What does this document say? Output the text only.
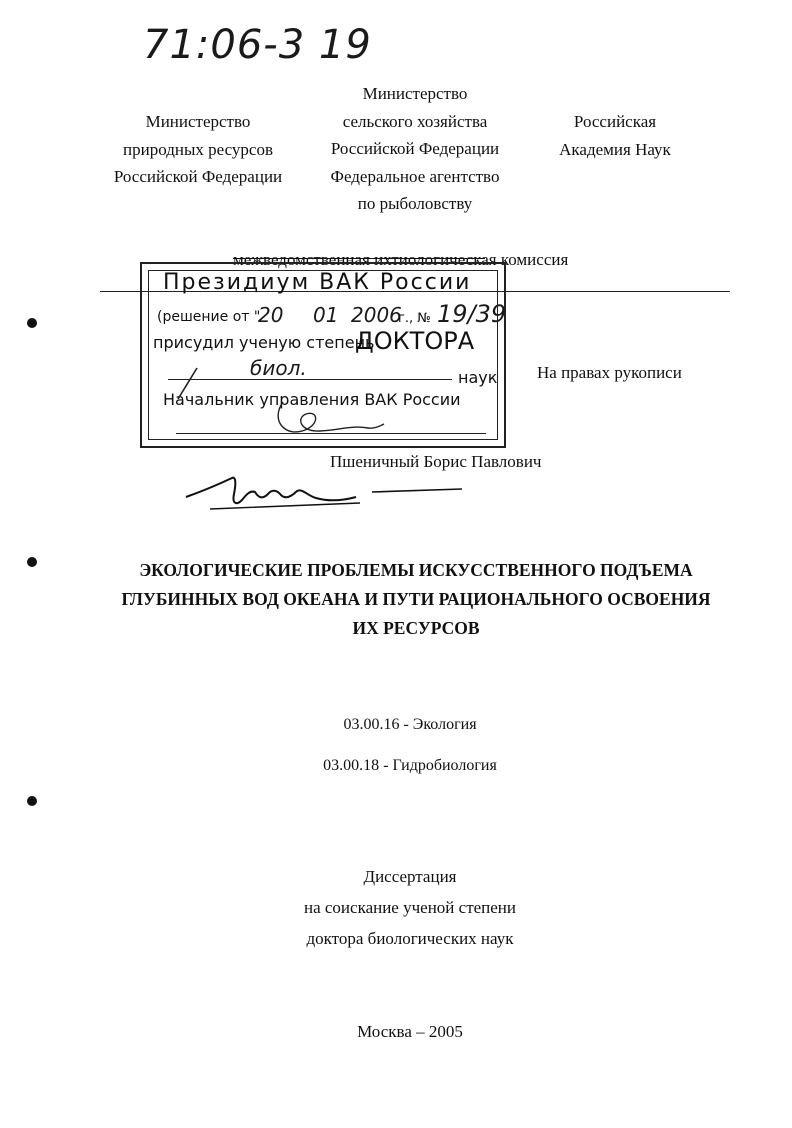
71:06-3 19
Министерство
природных ресурсов
Российской Федерации
Министерство
сельского хозяйства
Российской Федерации
Федеральное агентство
по рыболовству
Российская
Академия Наук
межведомственная ихтиологическая комиссия
Президиум ВАК России
(решение от "
20 01 2006
г., № 19/39
присудил ученую степень
ДОКТОРА
биол.	наук
Начальник управления ВАК России
На правах рукописи
Пшеничный Борис Павлович
ЭКОЛОГИЧЕСКИЕ ПРОБЛЕМЫ ИСКУССТВЕННОГО ПОДЪЕМА
ГЛУБИННЫХ ВОД ОКЕАНА И ПУТИ РАЦИОНАЛЬНОГО ОСВОЕНИЯ
ИХ РЕСУРСОВ
03.00.16 - Экология
03.00.18 - Гидробиология
Диссертация
на соискание ученой степени
доктора биологических наук
Москва – 2005
